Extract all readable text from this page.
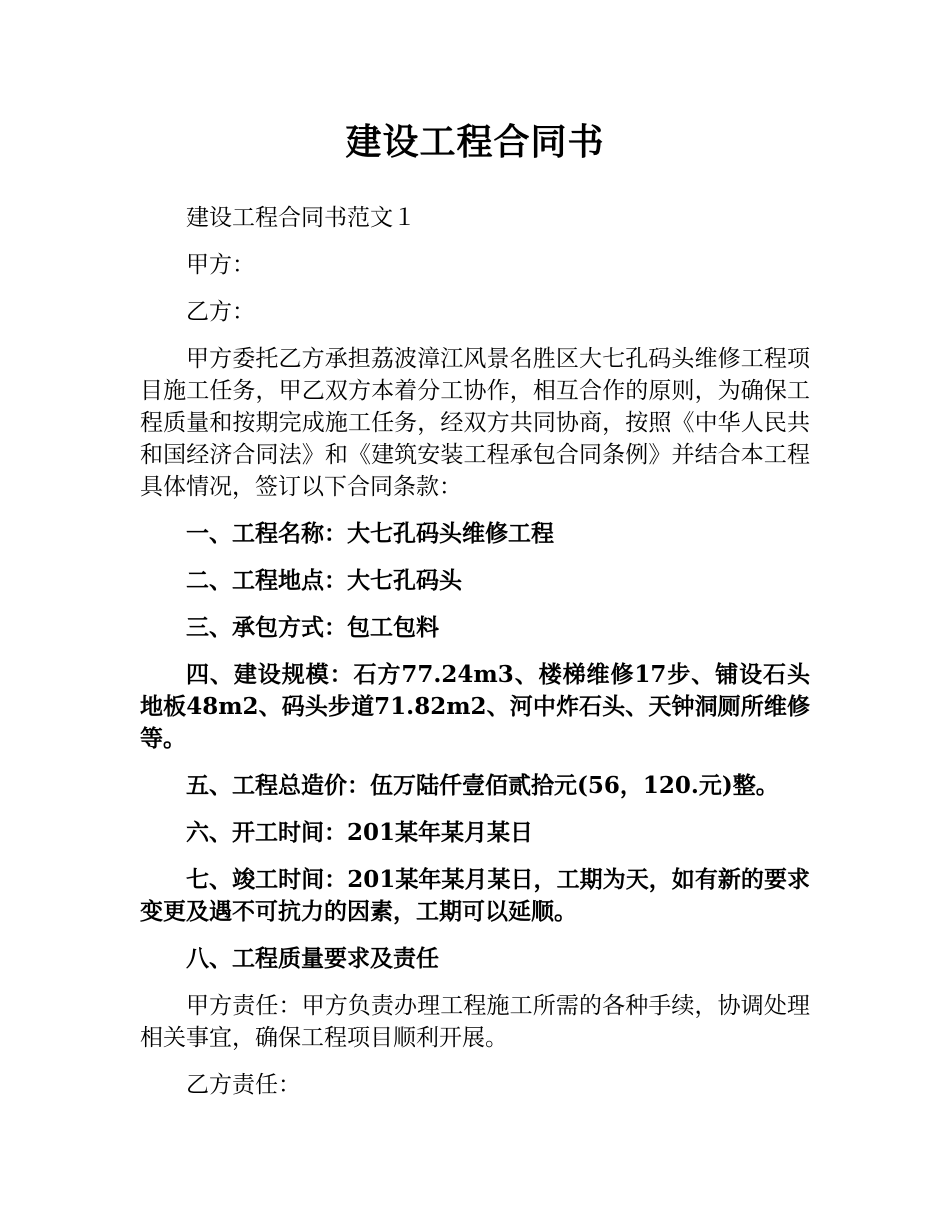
建设工程合同书

建设工程合同书范文１

甲方：

乙方：

甲方委托乙方承担荔波漳江风景名胜区大七孔码头维修工程项目施工任务，甲乙双方本着分工协作，相互合作的原则，为确保工程质量和按期完成施工任务，经双方共同协商，按照《中华人民共和国经济合同法》和《建筑安装工程承包合同条例》并结合本工程具体情况，签订以下合同条款：

一、工程名称：大七孔码头维修工程

二、工程地点：大七孔码头

三、承包方式：包工包料

四、建设规模：石方77.24m3、楼梯维修17步、铺设石头地板48m2、码头步道71.82m2、河中炸石头、天钟洞厕所维修等。

五、工程总造价：伍万陆仟壹佰贰拾元(56，120.元)整。

六、开工时间：201某年某月某日

七、竣工时间：201某年某月某日，工期为天，如有新的要求变更及遇不可抗力的因素，工期可以延顺。

八、工程质量要求及责任

甲方责任：甲方负责办理工程施工所需的各种手续，协调处理相关事宜，确保工程项目顺利开展。

乙方责任：
